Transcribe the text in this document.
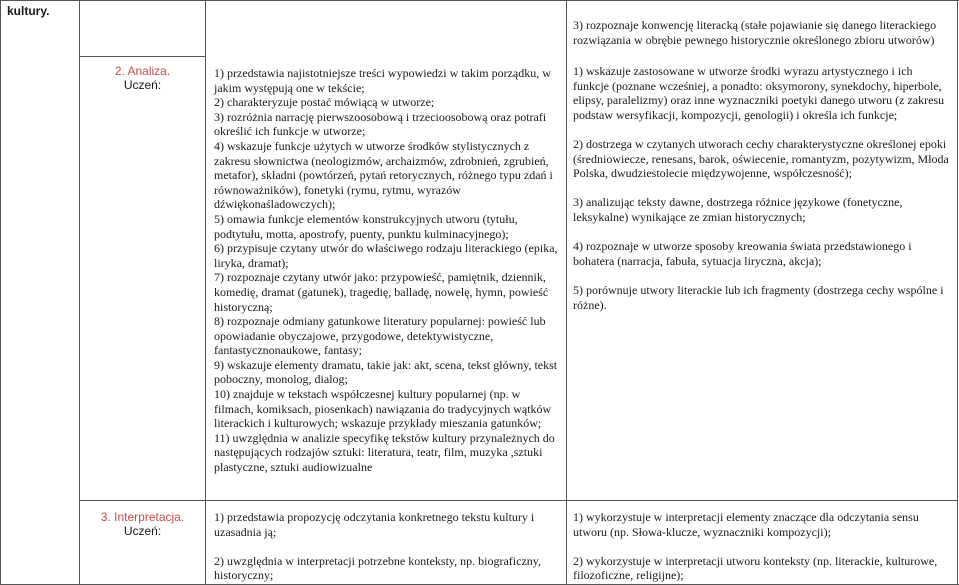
kultury.
2. Analiza.
Uczeń:

1) przedstawia najistotniejsze treści wypowiedzi w takim porządku, w jakim występują one w tekście;

2) charakteryzuje postać mówiącą w utworze;

3) rozróżnia narrację pierwszoosobową i trzecioosobową oraz potrafi określić ich funkcje w utworze;

4) wskazuje funkcje użytych w utworze środków stylistycznych z zakresu słownictwa (neologizmów, archaizmów, zdrobnień, zgrubień, metafor), składni (powtórzeń, pytań retorycznych, różnego typu zdań i równoważników), fonetyki (rymu, rytmu, wyrazów dźwiękonaśladowczych);

5) omawia funkcje elementów konstrukcyjnych utworu (tytułu, podtytułu, motta, apostrofy, puenty, punktu kulminacyjnego);

6) przypisuje czytany utwór do właściwego rodzaju literackiego (epika, liryka, dramat);

7) rozpoznaje czytany utwór jako: przypowieść, pamiętnik, dziennik, komedię, dramat (gatunek), tragedię, balladę, nowelę, hymn, powieść historyczną;

8) rozpoznaje odmiany gatunkowe literatury popularnej: powieść lub opowiadanie obyczajowe, przygodowe, detektywistyczne, fantastycznonaukowe, fantasy;

9) wskazuje elementy dramatu, takie jak: akt, scena, tekst główny, tekst poboczny, monolog, dialog;

10) znajduje w tekstach współczesnej kultury popularnej (np. w filmach, komiksach, piosenkach) nawiązania do tradycyjnych wątków literackich i kulturowych; wskazuje przykłady mieszania gatunków;

11) uwzględnia w analizie specyfikę tekstów kultury przynależnych do następujących rodzajów sztuki: literatura, teatr, film, muzyka ,sztuki plastyczne, sztuki audiowizualne

3) rozpoznaje konwencję literacką (stałe pojawianie się danego literackiego rozwiązania w obrębie pewnego historycznie określonego zbioru utworów)

1) wskazuje zastosowane w utworze środki wyrazu artystycznego i ich funkcje (poznane wcześniej, a ponadto: oksymorony, synekdochy, hiperbole, elipsy, paralelizmy) oraz inne wyznaczniki poetyki danego utworu (z zakresu podstaw wersyfikacji, kompozycji, genologii) i określa ich funkcje;

2) dostrzega w czytanych utworach cechy charakterystyczne określonej epoki (średniowiecze, renesans, barok, oświecenie, romantyzm, pozytywizm, Młoda Polska, dwudziestolecie międzywojenne, współczesność);

3) analizując teksty dawne, dostrzega różnice językowe (fonetyczne, leksykalne) wynikające ze zmian historycznych;

4) rozpoznaje w utworze sposoby kreowania świata przedstawionego i bohatera (narracja, fabuła, sytuacja liryczna, akcja);

5) porównuje utwory literackie lub ich fragmenty (dostrzega cechy wspólne i różne).

3. Interpretacja.
Uczeń:

1) przedstawia propozycję odczytania konkretnego tekstu kultury i uzasadnia ją;

2) uwzględnia w interpretacji potrzebne konteksty, np. biograficzny, historyczny;

1) wykorzystuje w interpretacji elementy znaczące dla odczytania sensu utworu (np. Słowa-klucze, wyznaczniki kompozycji);

2) wykorzystuje w interpretacji utworu konteksty (np. literackie, kulturowe, filozoficzne, religijne);
